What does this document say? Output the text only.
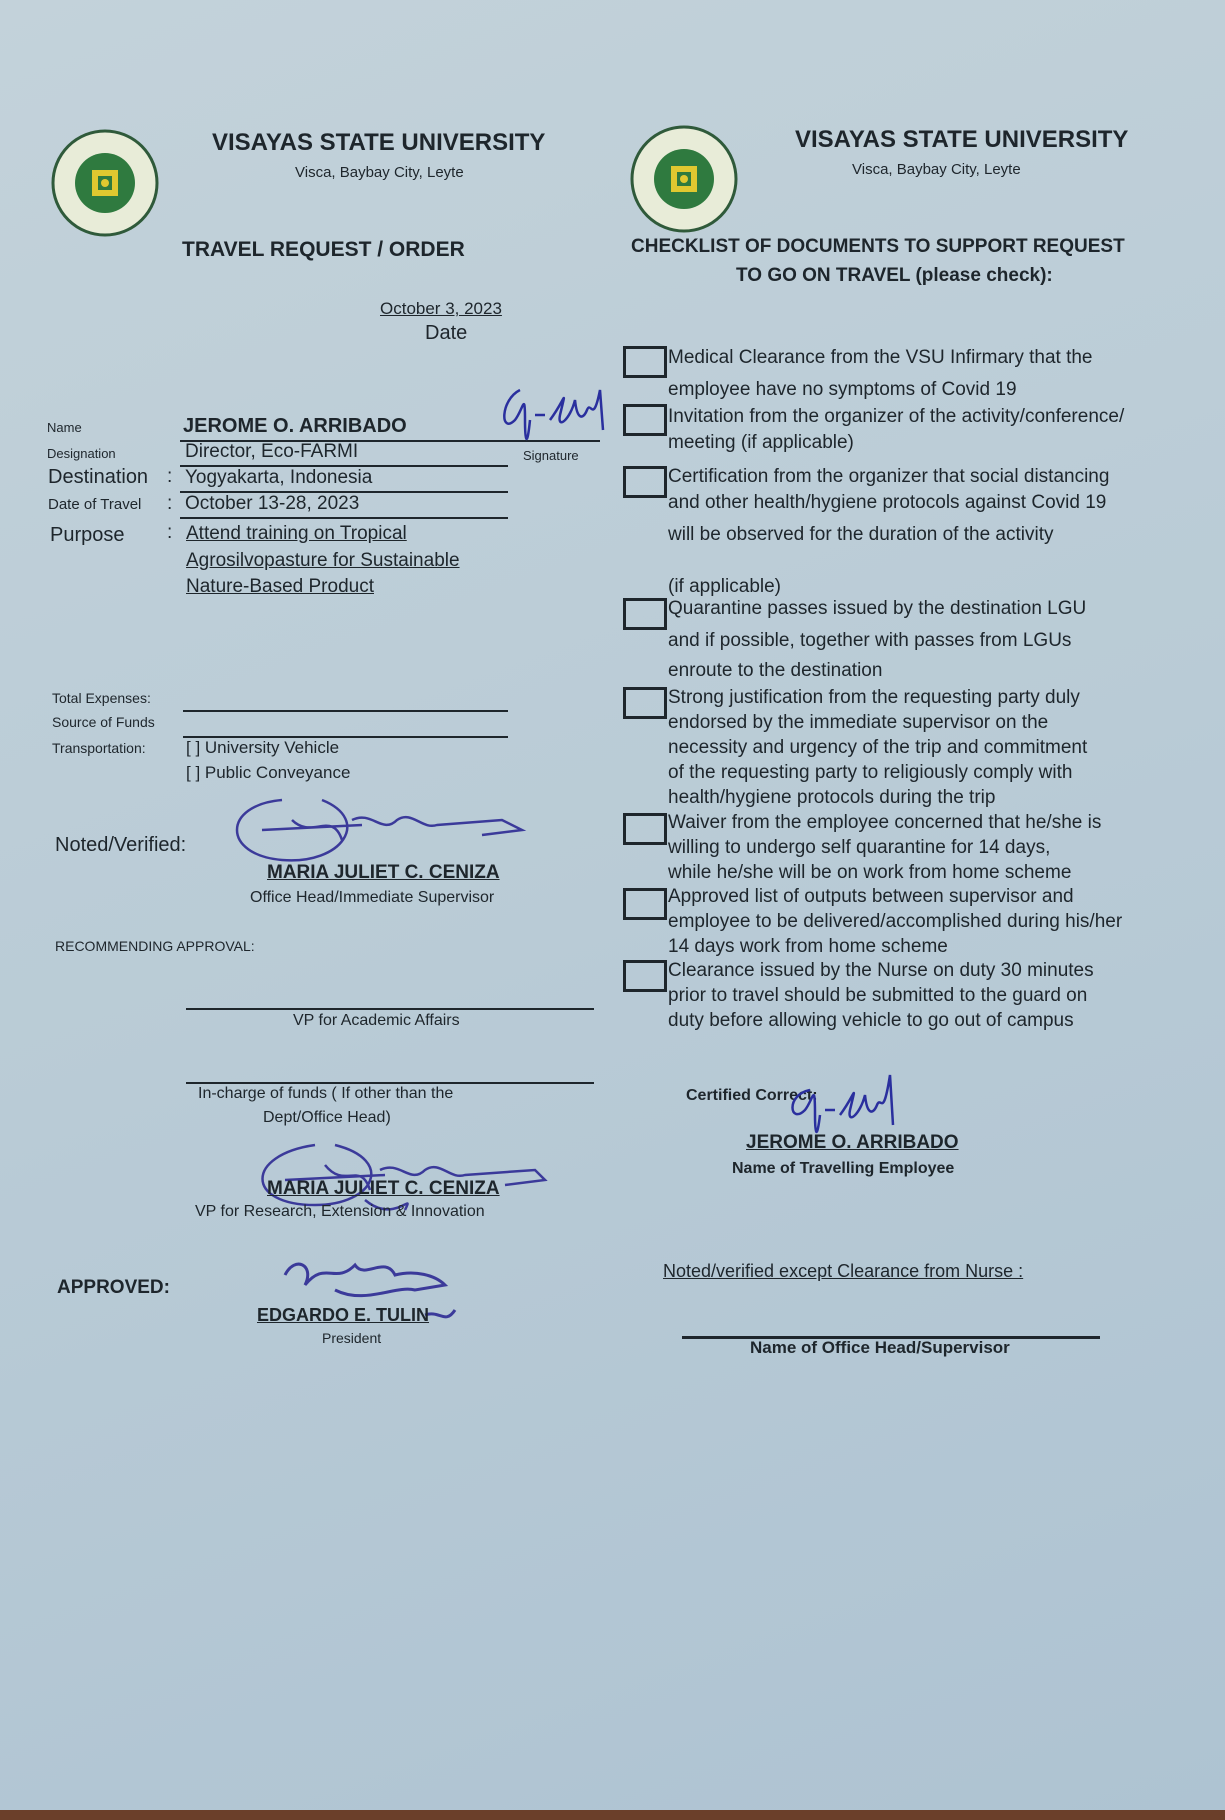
VISAYAS STATE UNIVERSITY
Visca, Baybay City, Leyte
TRAVEL REQUEST / ORDER
October 3, 2023
Date
Name	JEROME O. ARRIBADO
Signature
Designation	Director, Eco-FARMI
Destination : Yogyakarta, Indonesia
Date of Travel : October 13-28, 2023
Purpose : Attend training on Tropical
Agrosilvopasture for Sustainable
Nature-Based Product
Total Expenses:
Source of Funds
Transportation: [ ] University Vehicle
[ ] Public Conveyance
Noted/Verified:
MARIA JULIET C. CENIZA
Office Head/Immediate Supervisor
RECOMMENDING APPROVAL:
VP for Academic Affairs
In-charge of funds ( If other than the
Dept/Office Head)
MARIA JULIET C. CENIZA
VP for Research, Extension & Innovation
APPROVED:
EDGARDO E. TULIN
President
VISAYAS STATE UNIVERSITY
Visca, Baybay City, Leyte
CHECKLIST OF DOCUMENTS TO SUPPORT REQUEST
TO GO ON TRAVEL (please check):
Medical Clearance from the VSU Infirmary that the
employee have no symptoms of Covid 19
Invitation from the organizer of the activity/conference/
meeting (if applicable)
Certification from the organizer that social distancing
and other health/hygiene protocols against Covid 19
will be observed for the duration of the activity
(if applicable)
Quarantine passes issued by the destination LGU
and if possible, together with passes from LGUs
enroute to the destination
Strong justification from the requesting party duly
endorsed by the immediate supervisor on the
necessity and urgency of the trip and commitment
of the requesting party to religiously comply with
health/hygiene protocols during the trip
Waiver from the employee concerned that he/she is
willing to undergo self quarantine for 14 days,
while he/she will be on work from home scheme
Approved list of outputs between supervisor and
employee to be delivered/accomplished during his/her
14 days work from home scheme
Clearance issued by the Nurse on duty 30 minutes
prior to travel should be submitted to the guard on
duty before allowing vehicle to go out of campus
Certified Correct:
JEROME O. ARRIBADO
Name of Travelling Employee
Noted/verified except Clearance from Nurse :
Name of Office Head/Supervisor
